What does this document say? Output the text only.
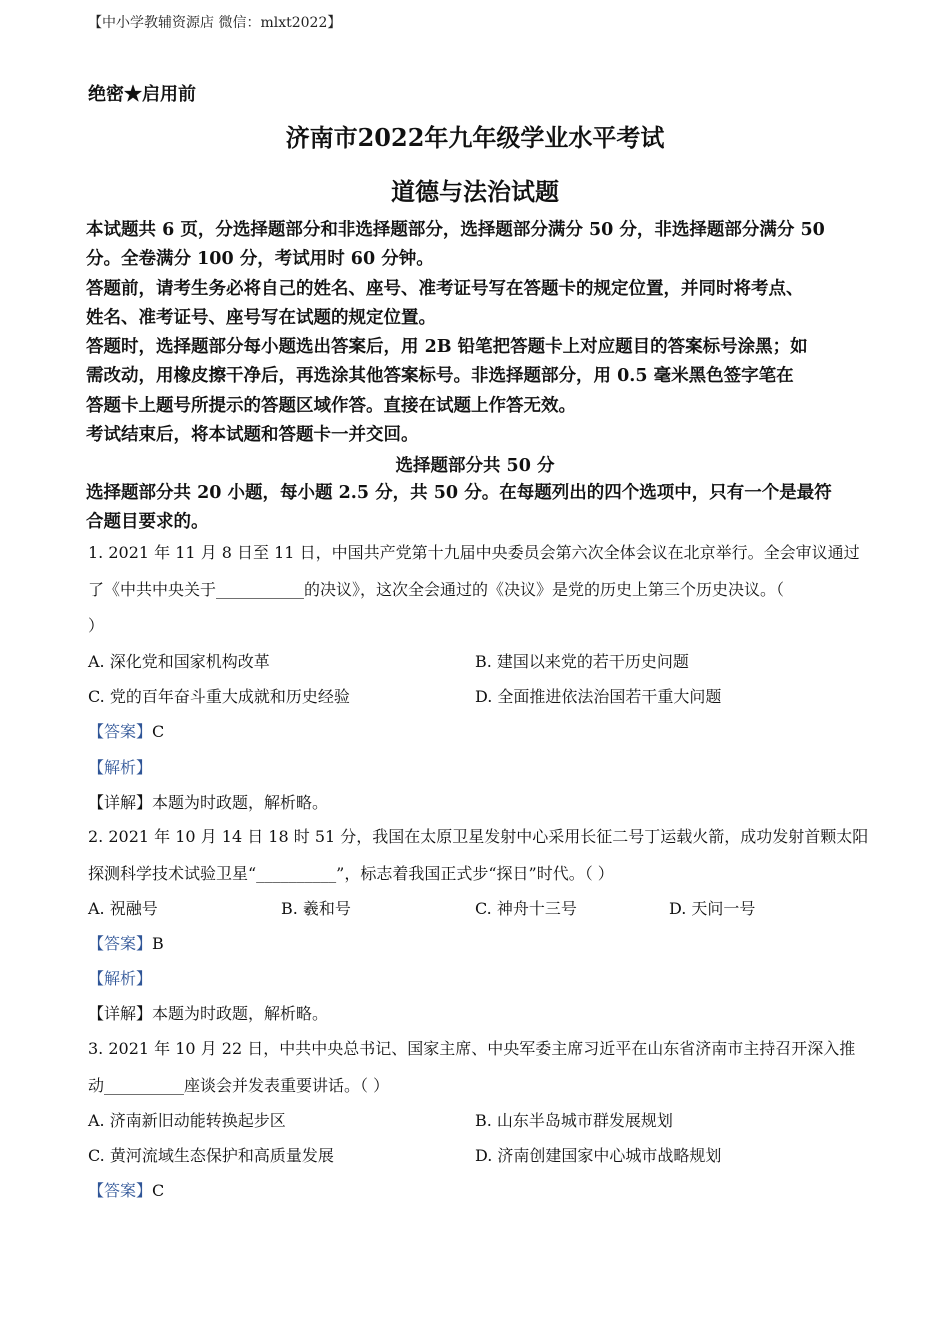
【中小学教辅资源店 微信：mlxt2022】
绝密★启用前
济南市2022年九年级学业水平考试
道德与法治试题
本试题共 6 页，分选择题部分和非选择题部分，选择题部分满分 50 分，非选择题部分满分 50
分。全卷满分 100 分，考试用时 60 分钟。
答题前，请考生务必将自己的姓名、座号、准考证号写在答题卡的规定位置，并同时将考点、
姓名、准考证号、座号写在试题的规定位置。
答题时，选择题部分每小题选出答案后，用 2B 铅笔把答题卡上对应题目的答案标号涂黑；如
需改动，用橡皮擦干净后，再选涂其他答案标号。非选择题部分，用 0.5 毫米黑色签字笔在
答题卡上题号所提示的答题区域作答。直接在试题上作答无效。
考试结束后，将本试题和答题卡一并交回。
选择题部分共 50 分
选择题部分共 20 小题，每小题 2.5 分，共 50 分。在每题列出的四个选项中，只有一个是最符
合题目要求的。
1. 2021 年 11 月 8 日至 11 日，中国共产党第十九届中央委员会第六次全体会议在北京举行。全会审议通过
了《中共中央关于___________的决议》，这次全会通过的《决议》是党的历史上第三个历史决议。（
）
A. 深化党和国家机构改革	B. 建国以来党的若干历史问题
C. 党的百年奋斗重大成就和历史经验	D. 全面推进依法治国若干重大问题
【答案】C
【解析】
【详解】本题为时政题，解析略。
2. 2021 年 10 月 14 日 18 时 51 分，我国在太原卫星发射中心采用长征二号丁运载火箭，成功发射首颗太阳
探测科学技术试验卫星“__________”，标志着我国正式步“探日”时代。（ ）
A. 祝融号	B. 羲和号	C. 神舟十三号	D. 天问一号
【答案】B
【解析】
【详解】本题为时政题，解析略。
3. 2021 年 10 月 22 日，中共中央总书记、国家主席、中央军委主席习近平在山东省济南市主持召开深入推
动__________座谈会并发表重要讲话。（ ）
A. 济南新旧动能转换起步区	B. 山东半岛城市群发展规划
C. 黄河流域生态保护和高质量发展	D. 济南创建国家中心城市战略规划
【答案】C
